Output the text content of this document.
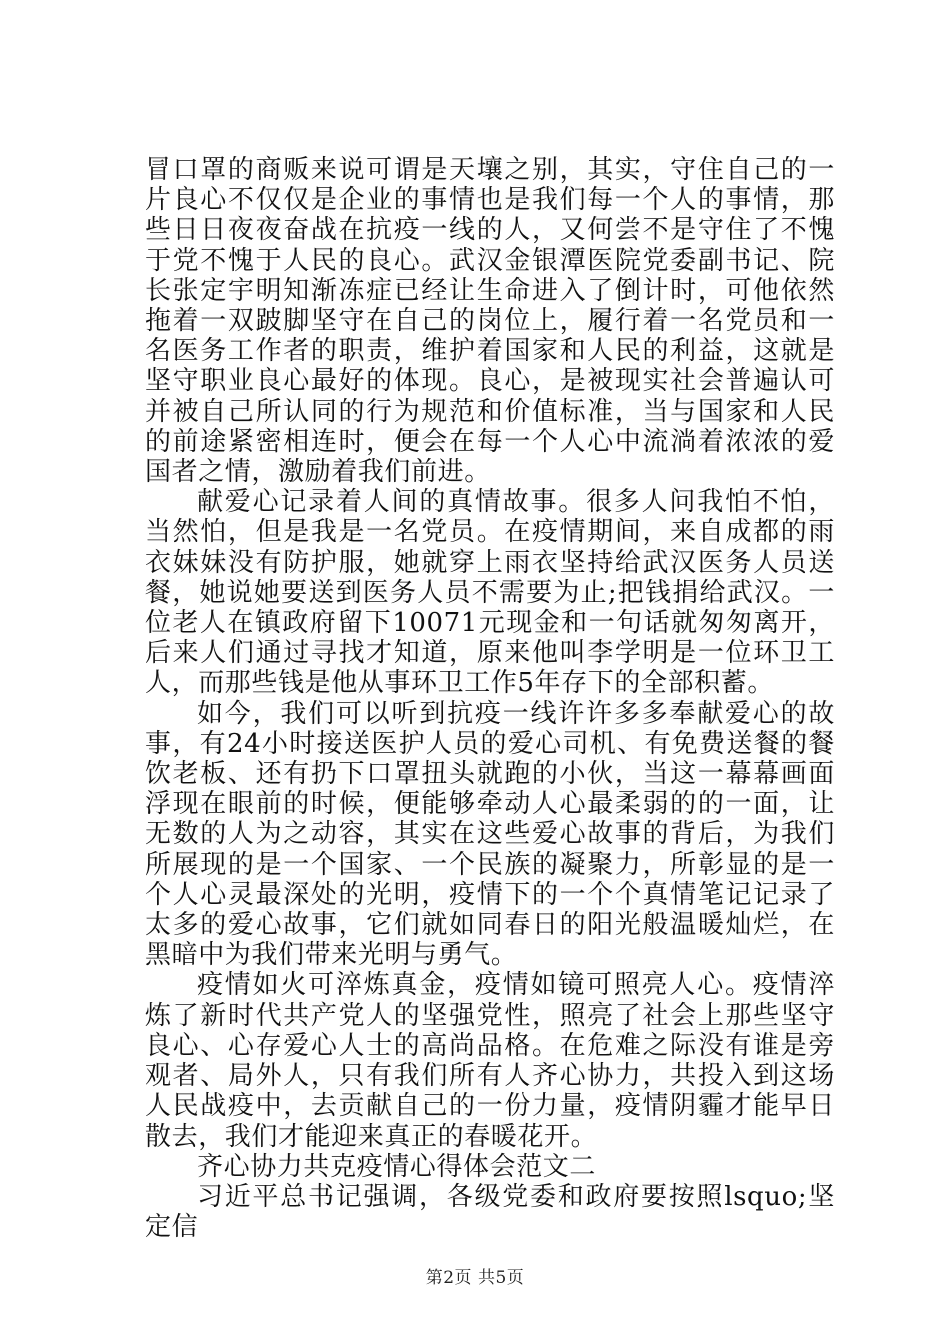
冒口罩的商贩来说可谓是天壤之别，其实，守住自己的一片良心不仅仅是企业的事情也是我们每一个人的事情，那些日日夜夜奋战在抗疫一线的人，又何尝不是守住了不愧于党不愧于人民的良心。武汉金银潭医院党委副书记、院长张定宇明知渐冻症已经让生命进入了倒计时，可他依然拖着一双跛脚坚守在自己的岗位上，履行着一名党员和一名医务工作者的职责，维护着国家和人民的利益，这就是坚守职业良心最好的体现。良心，是被现实社会普遍认可并被自己所认同的行为规范和价值标准，当与国家和人民的前途紧密相连时，便会在每一个人心中流淌着浓浓的爱国者之情，激励着我们前进。

献爱心记录着人间的真情故事。很多人问我怕不怕，当然怕，但是我是一名党员。在疫情期间，来自成都的雨衣妹妹没有防护服，她就穿上雨衣坚持给武汉医务人员送餐，她说她要送到医务人员不需要为止;把钱捐给武汉。一位老人在镇政府留下10071元现金和一句话就匆匆离开，后来人们通过寻找才知道，原来他叫李学明是一位环卫工人，而那些钱是他从事环卫工作5年存下的全部积蓄。

如今，我们可以听到抗疫一线许许多多奉献爱心的故事，有24小时接送医护人员的爱心司机、有免费送餐的餐饮老板、还有扔下口罩扭头就跑的小伙，当这一幕幕画面浮现在眼前的时候，便能够牵动人心最柔弱的的一面，让无数的人为之动容，其实在这些爱心故事的背后，为我们所展现的是一个国家、一个民族的凝聚力，所彰显的是一个人心灵最深处的光明，疫情下的一个个真情笔记记录了太多的爱心故事，它们就如同春日的阳光般温暖灿烂，在黑暗中为我们带来光明与勇气。

疫情如火可淬炼真金，疫情如镜可照亮人心。疫情淬炼了新时代共产党人的坚强党性，照亮了社会上那些坚守良心、心存爱心人士的高尚品格。在危难之际没有谁是旁观者、局外人，只有我们所有人齐心协力，共投入到这场人民战疫中，去贡献自己的一份力量，疫情阴霾才能早日散去，我们才能迎来真正的春暖花开。

齐心协力共克疫情心得体会范文二

习近平总书记强调，各级党委和政府要按照lsquo;坚定信

第2页 共5页
